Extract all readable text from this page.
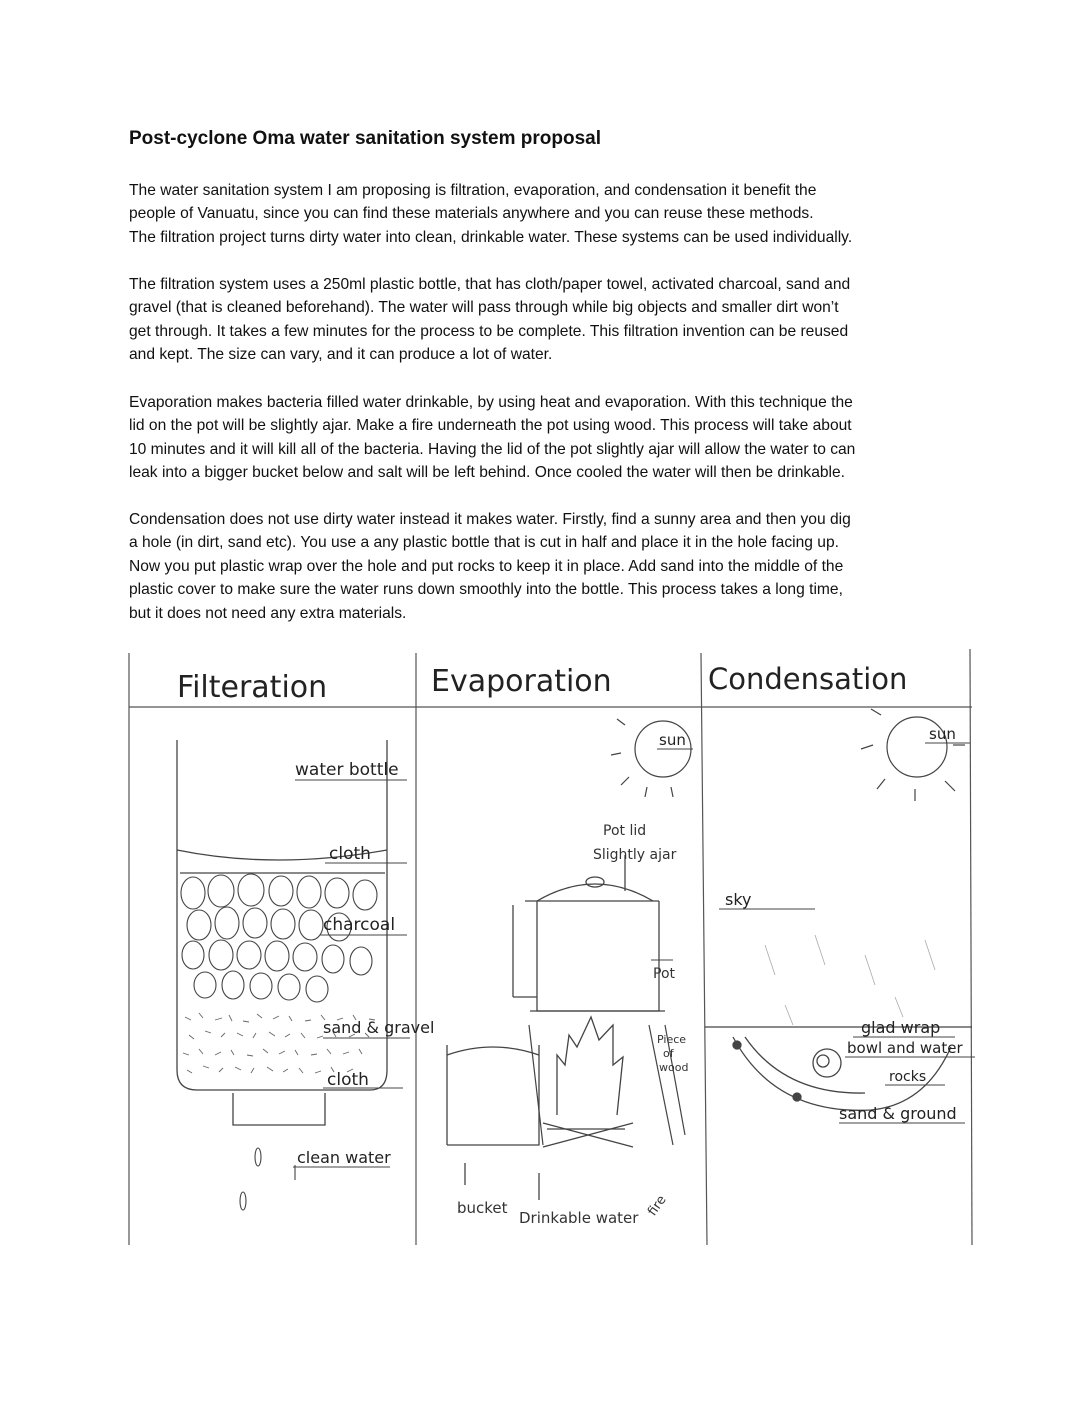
Post-cyclone Oma water sanitation system proposal
The water sanitation system I am proposing is filtration, evaporation, and condensation it benefit the
people of Vanuatu, since you can find these materials anywhere and you can reuse these methods.
The filtration project turns dirty water into clean, drinkable water. These systems can be used individually.
The filtration system uses a 250ml plastic bottle, that has cloth/paper towel, activated charcoal, sand and
gravel (that is cleaned beforehand). The water will pass through while big objects and smaller dirt won’t
get through. It takes a few minutes for the process to be complete. This filtration invention can be reused
and kept. The size can vary, and it can produce a lot of water.
Evaporation makes bacteria filled water drinkable, by using heat and evaporation. With this technique the
lid on the pot will be slightly ajar. Make a fire underneath the pot using wood. This process will take about
10 minutes and it will kill all of the bacteria. Having the lid of the pot slightly ajar will allow the water to can
leak into a bigger bucket below and salt will be left behind. Once cooled the water will then be drinkable.
Condensation does not use dirty water instead it makes water. Firstly, find a sunny area and then you dig
a hole (in dirt, sand etc). You use a any plastic bottle that is cut in half and place it in the hole facing up.
Now you put plastic wrap over the hole and put rocks to keep it in place. Add sand into the middle of the
plastic cover to make sure the water runs down smoothly into the bottle. This process takes a long time,
but it does not need any extra materials.
Filteration	Evaporation	Condensation
water bottle
cloth
charcoal
sand & gravel
cloth
clean water
sun
Pot lid
Slightly ajar
Pot
Piece
of
wood
bucket
Drinkable water fire
sun
sky
glad wrap
bowl and water
rocks
sand & ground
